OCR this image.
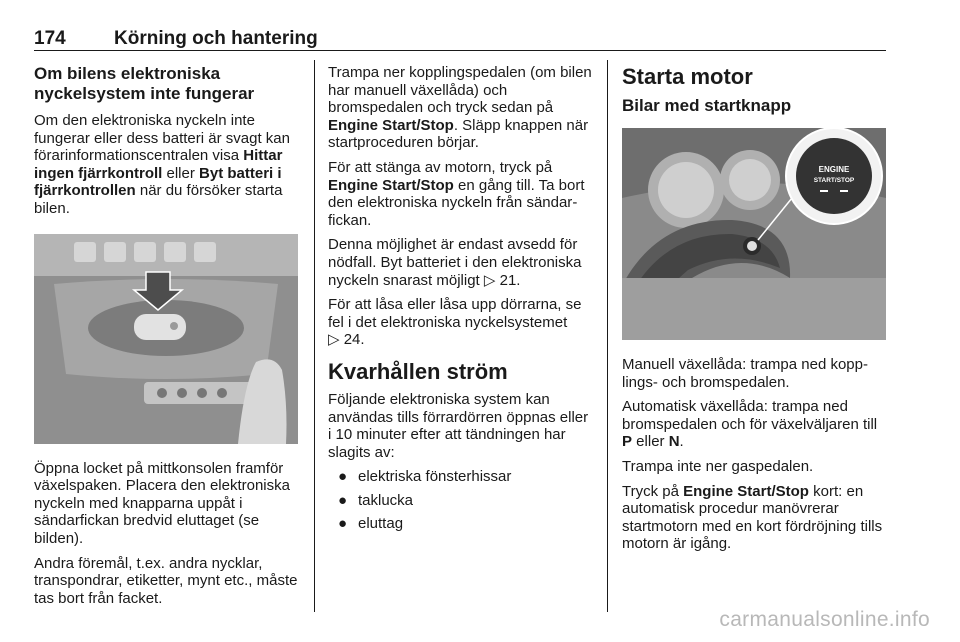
174	Körning och hantering
Om bilens elektroniska
nyckelsystem inte fungerar

Om den elektroniska nyckeln inte fungerar eller dess batteri är svagt kan förarinformationscentralen visa Hittar ingen fjärrkontroll eller Byt batteri i fjärrkontrollen när du försöker starta bilen.

Öppna locket på mittkonsolen framför växelspaken. Placera den elektroniska nyckeln med knapparna uppåt i sändarfickan bredvid eluttaget (se bilden).

Andra föremål, t.ex. andra nycklar, transpondrar, etiketter, mynt etc., måste tas bort från facket.

Trampa ner kopplingspedalen (om bilen har manuell växellåda) och bromspedalen och tryck sedan på Engine Start/Stop. Släpp knappen när startproceduren börjar.

För att stänga av motorn, tryck på Engine Start/Stop en gång till. Ta bort den elektroniska nyckeln från sändarfickan.

Denna möjlighet är endast avsedd för nödfall. Byt batteriet i den elektroniska nyckeln snarast möjligt ▷ 21.

För att låsa eller låsa upp dörrarna, se fel i det elektroniska nyckelsystemet
▷ 24.

Kvarhållen ström

Följande elektroniska system kan användas tills förrardörren öppnas eller i 10 minuter efter att tändningen har slagits av:

● elektriska fönsterhissar
● taklucka
● eluttag
Starta motor
Bilar med startknapp
ENGINE
START/STOP

Manuell växellåda: trampa ned kopplings- och bromspedalen.

Automatisk växellåda: trampa ned bromspedalen och för växelväljaren till P eller N.

Trampa inte ner gaspedalen.

Tryck på Engine Start/Stop kort: en automatisk procedur manövrerar startmotorn med en kort fördröjning tills motorn är igång.

carmanualsonline.info
